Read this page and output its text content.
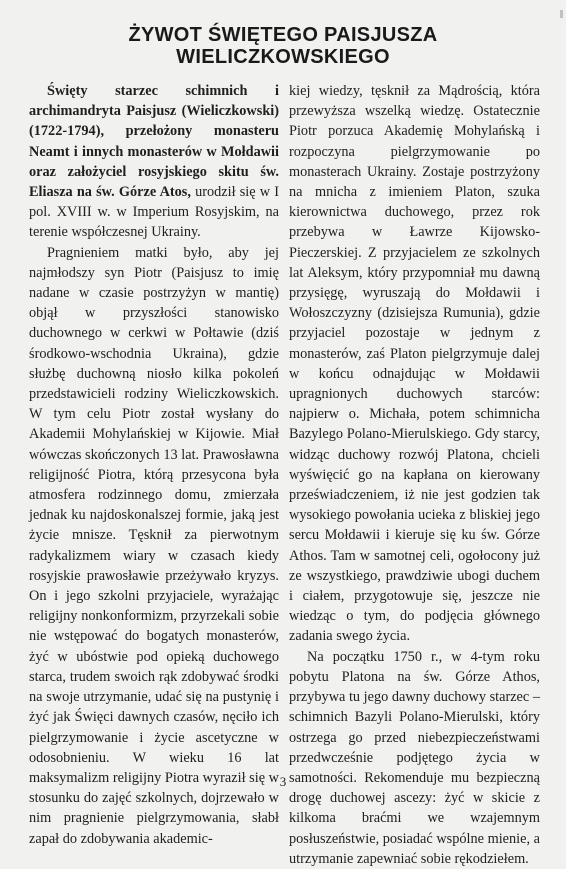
ŻYWOT ŚWIĘTEGO PAISJUSZA
WIELICZKOWSKIEGO

Święty starzec schimnich i archimandryta Paisjusz (Wieliczkowski) (1722-1794), przełożony monasteru Neamt i innych monasterów w Mołdawii oraz założyciel rosyjskiego skitu św. Eliasza na św. Górze Atos, urodził się w I pol. XVIII w. w Imperium Rosyjskim, na terenie współczesnej Ukrainy.

Pragnieniem matki było, aby jej najmłodszy syn Piotr (Paisjusz to imię nadane w czasie postrzyżyn w mantię) objął w przyszłości stanowisko duchownego w cerkwi w Połtawie (dziś środkowo-wschodnia Ukraina), gdzie służbę duchowną niosło kilka pokoleń przedstawicieli rodziny Wieliczkowskich. W tym celu Piotr został wysłany do Akademii Mohylańskiej w Kijowie. Miał wówczas skończonych 13 lat. Prawosławna religijność Piotra, którą przesycona była atmosfera rodzinnego domu, zmierzała jednak ku najdoskonalszej formie, jaką jest życie mnisze. Tęsknił za pierwotnym radykalizmem wiary w czasach kiedy rosyjskie prawosławie przeżywało kryzys. On i jego szkolni przyjaciele, wyrażając religijny nonkonformizm, przyrzekali sobie nie wstępować do bogatych monasterów, żyć w ubóstwie pod opieką duchowego starca, trudem swoich rąk zdobywać środki na swoje utrzymanie, udać się na pustynię i żyć jak Święci dawnych czasów, nęciło ich pielgrzymowanie i życie ascetyczne w odosobnieniu. W wieku 16 lat maksymalizm religijny Piotra wyraził się w stosunku do zajęć szkolnych, dojrzewało w nim pragnienie pielgrzymowania, słabł zapał do zdobywania akademic-

kiej wiedzy, tęsknił za Mądrością, która przewyższa wszelką wiedzę. Ostatecznie Piotr porzuca Akademię Mohylańską i rozpoczyna pielgrzymowanie po monasterach Ukrainy. Zostaje postrzyżony na mnicha z imieniem Platon, szuka kierownictwa duchowego, przez rok przebywa w Ławrze Kijowsko-Pieczerskiej. Z przyjacielem ze szkolnych lat Aleksym, który przypomniał mu dawną przysięgę, wyruszają do Mołdawii i Wołoszczyzny (dzisiejsza Rumunia), gdzie przyjaciel pozostaje w jednym z monasterów, zaś Platon pielgrzymuje dalej w końcu odnajdując w Mołdawii upragnionych duchowych starców: najpierw o. Michała, potem schimnicha Bazylego Polano-Mierulskiego. Gdy starcy, widząc duchowy rozwój Platona, chcieli wyświęcić go na kapłana on kierowany przeświadczeniem, iż nie jest godzien tak wysokiego powołania ucieka z bliskiej jego sercu Mołdawii i kieruje się ku św. Górze Athos. Tam w samotnej celi, ogołocony już ze wszystkiego, prawdziwie ubogi duchem i ciałem, przygotowuje się, jeszcze nie wiedząc o tym, do podjęcia głównego zadania swego życia.

Na początku 1750 r., w 4-tym roku pobytu Platona na św. Górze Athos, przybywa tu jego dawny duchowy starzec – schimnich Bazyli Polano-Mierulski, który ostrzega go przed niebezpieczeństwami przedwcześnie podjętego życia w samotności. Rekomenduje mu bezpieczną drogę duchowej ascezy: żyć w skicie z kilkoma braćmi we wzajemnym posłuszeństwie, posiadać wspólne mienie, a utrzymanie zapewniać sobie rękodziełem.

3
